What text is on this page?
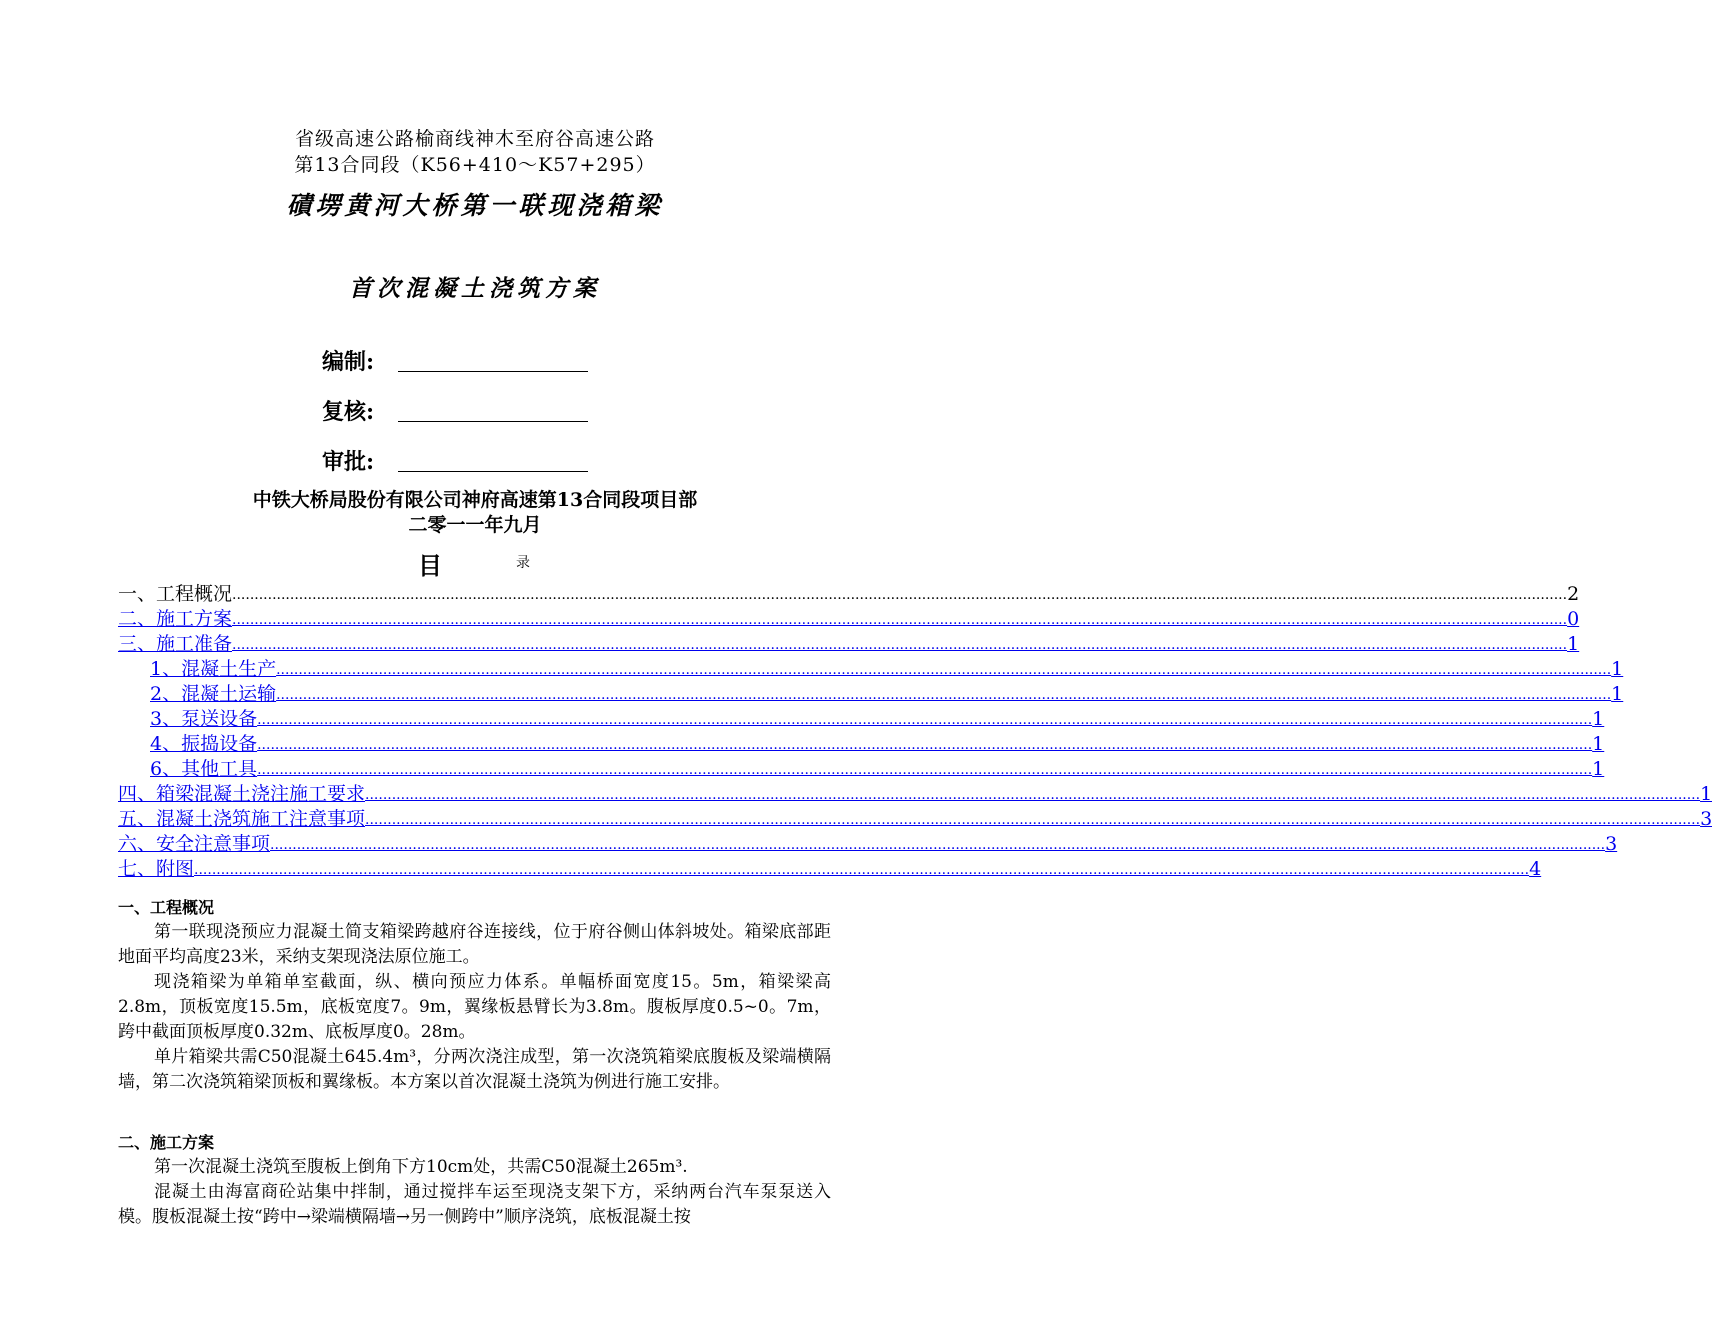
省级高速公路榆商线神木至府谷高速公路
第13合同段（K56+410～K57+295）
磧塄黄河大桥第一联现浇箱梁
首次混凝土浇筑方案
编制:
复核:
审批:
中铁大桥局股份有限公司神府高速第13合同段项目部
二零一一年九月
目	录
一、工程概况 ............................................................................................................................................................................................................................................................................................................ 2
二、施工方案 ............................................................................................................................................................................................................................................................................................................ 0
三、施工准备 ............................................................................................................................................................................................................................................................................................................ 1
1、混凝土生产 ............................................................................................................................................................................................................................................................................................................ 1
2、混凝土运输 ............................................................................................................................................................................................................................................................................................................ 1
3、泵送设备 ............................................................................................................................................................................................................................................................................................................ 1
4、振捣设备 ............................................................................................................................................................................................................................................................................................................ 1
6、其他工具 ............................................................................................................................................................................................................................................................................................................ 1
四、箱梁混凝土浇注施工要求 ............................................................................................................................................................................................................................................................................................................ 1
五、混凝土浇筑施工注意事项 ............................................................................................................................................................................................................................................................................................................ 3
六、安全注意事项 ............................................................................................................................................................................................................................................................................................................ 3
七、附图 ............................................................................................................................................................................................................................................................................................................ 4
一、工程概况
第一联现浇预应力混凝土简支箱梁跨越府谷连接线，位于府谷侧山体斜坡处。箱梁底部距地面平均高度23米，采纳支架现浇法原位施工。
现浇箱梁为单箱单室截面，纵、横向预应力体系。单幅桥面宽度15。5m，箱梁梁高2.8m，顶板宽度15.5m，底板宽度7。9m，翼缘板悬臂长为3.8m。腹板厚度0.5~0。7m，跨中截面顶板厚度0.32m、底板厚度0。28m。
单片箱梁共需C50混凝土645.4m³，分两次浇注成型，第一次浇筑箱梁底腹板及梁端横隔墙，第二次浇筑箱梁顶板和翼缘板。本方案以首次混凝土浇筑为例进行施工安排。
二、施工方案
第一次混凝土浇筑至腹板上倒角下方10cm处，共需C50混凝土265m³.
混凝土由海富商砼站集中拌制，通过搅拌车运至现浇支架下方，采纳两台汽车泵泵送入模。腹板混凝土按“跨中→梁端横隔墙→另一侧跨中”顺序浇筑，底板混凝土按
